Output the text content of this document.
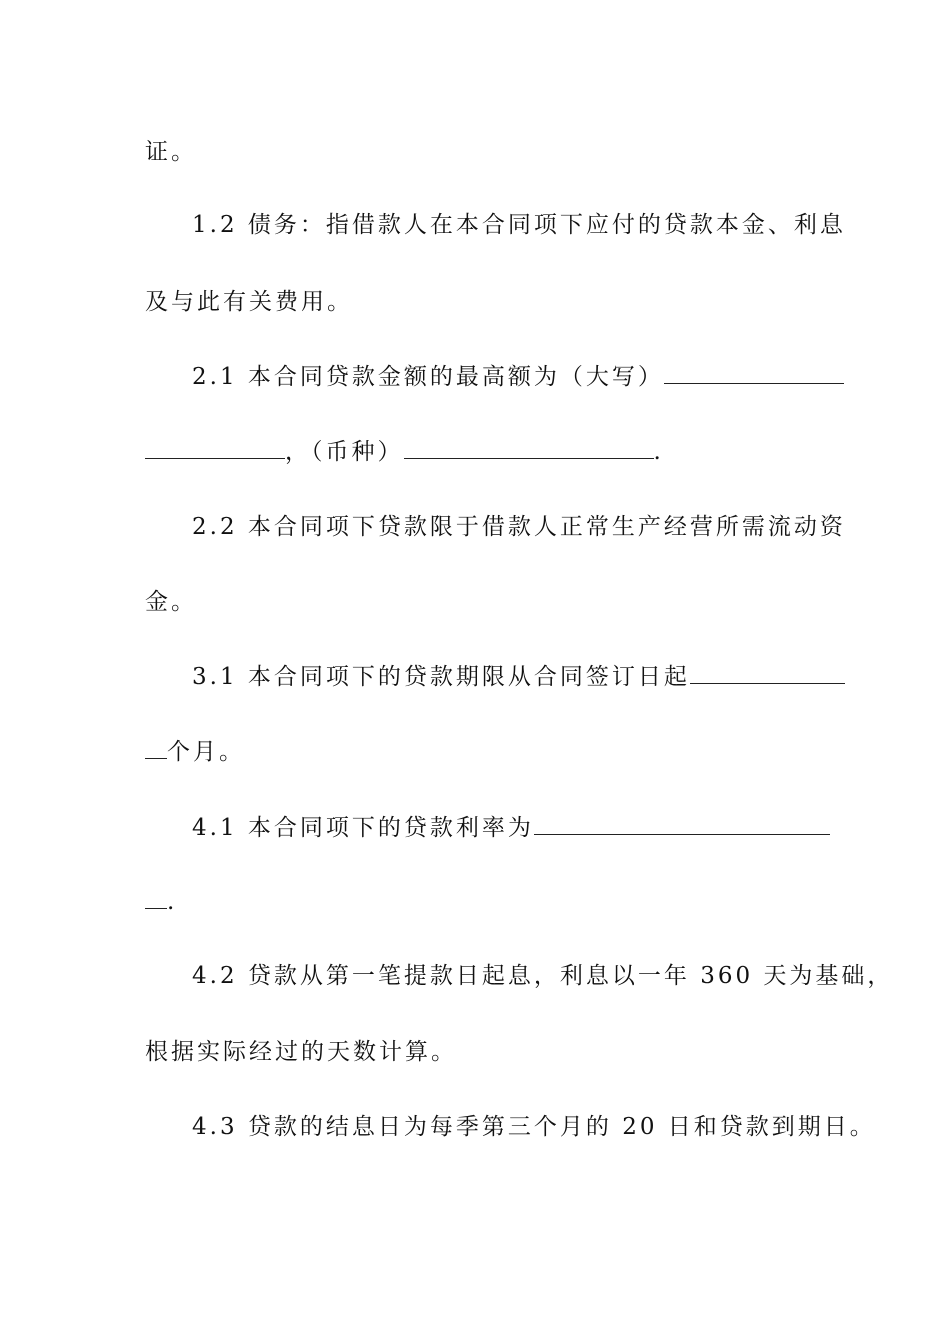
证。
1.2 债务：指借款人在本合同项下应付的贷款本金、利息
及与此有关费用。
2.1 本合同贷款金额的最高额为（大写）
，（币种）	.
2.2 本合同项下贷款限于借款人正常生产经营所需流动资
金。
3.1 本合同项下的贷款期限从合同签订日起
个月。
4.1 本合同项下的贷款利率为
.
4.2 贷款从第一笔提款日起息，利息以一年 360 天为基础，
根据实际经过的天数计算。
4.3 贷款的结息日为每季第三个月的 20 日和贷款到期日。
